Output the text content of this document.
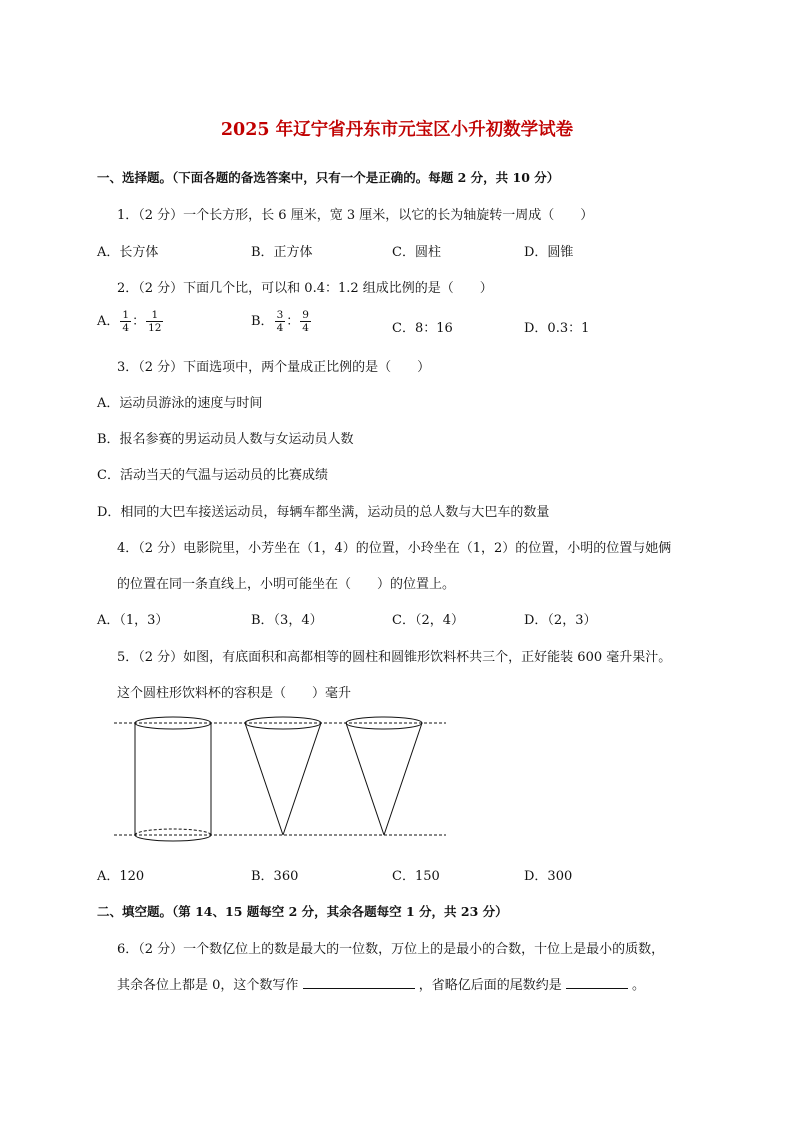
2025 年辽宁省丹东市元宝区小升初数学试卷
一、选择题。（下面各题的备选答案中，只有一个是正确的。每题 2 分，共 10 分）
1．（2 分）一个长方形，长 6 厘米，宽 3 厘米，以它的长为轴旋转一周成（　　）
A．长方体	B．正方体	C．圆柱	D．圆锥
2．（2 分）下面几个比，可以和 0.4：1.2 组成比例的是（　　）
A． $\frac{1}{4}$ ： $\frac{1}{12}$	B． $\frac{3}{4}$ ： $\frac{9}{4}$	C．8：16	D．0.3：1
3．（2 分）下面选项中，两个量成正比例的是（　　）
A．运动员游泳的速度与时间
B．报名参赛的男运动员人数与女运动员人数
C．活动当天的气温与运动员的比赛成绩
D．相同的大巴车接送运动员，每辆车都坐满，运动员的总人数与大巴车的数量
4．（2 分）电影院里，小芳坐在（1，4）的位置，小玲坐在（1，2）的位置，小明的位置与她俩
的位置在同一条直线上，小明可能坐在（　　）的位置上。
A．（1，3）	B．（3，4）	C．（2，4）	D．（2，3）
5．（2 分）如图，有底面积和高都相等的圆柱和圆锥形饮料杯共三个，正好能装 600 毫升果汁。
这个圆柱形饮料杯的容积是（　　）毫升
A．120	B．360	C．150	D．300
二、填空题。（第 14、15 题每空 2 分，其余各题每空 1 分，共 23 分）
6．（2 分）一个数亿位上的数是最大的一位数，万位上的是最小的合数，十位上是最小的质数，
其余各位上都是 0，这个数写作	，省略亿后面的尾数约是	。
